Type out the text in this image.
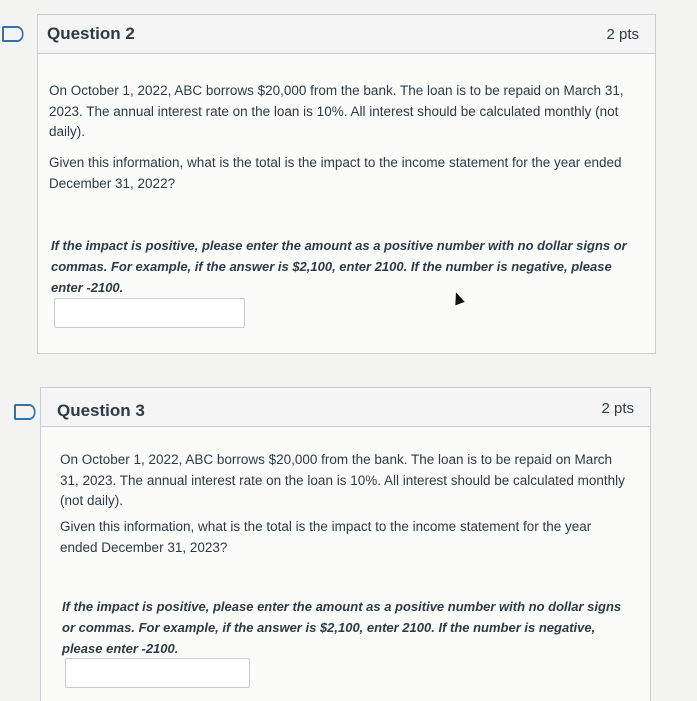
Question 2	2 pts
On October 1, 2022, ABC borrows $20,000 from the bank. The loan is to be repaid on March 31, 2023. The annual interest rate on the loan is 10%. All interest should be calculated monthly (not daily).
Given this information, what is the total is the impact to the income statement for the year ended December 31, 2022?
If the impact is positive, please enter the amount as a positive number with no dollar signs or commas. For example, if the answer is $2,100, enter 2100. If the number is negative, please enter -2100.
Question 3	2 pts
On October 1, 2022, ABC borrows $20,000 from the bank. The loan is to be repaid on March 31, 2023. The annual interest rate on the loan is 10%. All interest should be calculated monthly (not daily).
Given this information, what is the total is the impact to the income statement for the year ended December 31, 2023?
If the impact is positive, please enter the amount as a positive number with no dollar signs or commas. For example, if the answer is $2,100, enter 2100. If the number is negative, please enter -2100.
